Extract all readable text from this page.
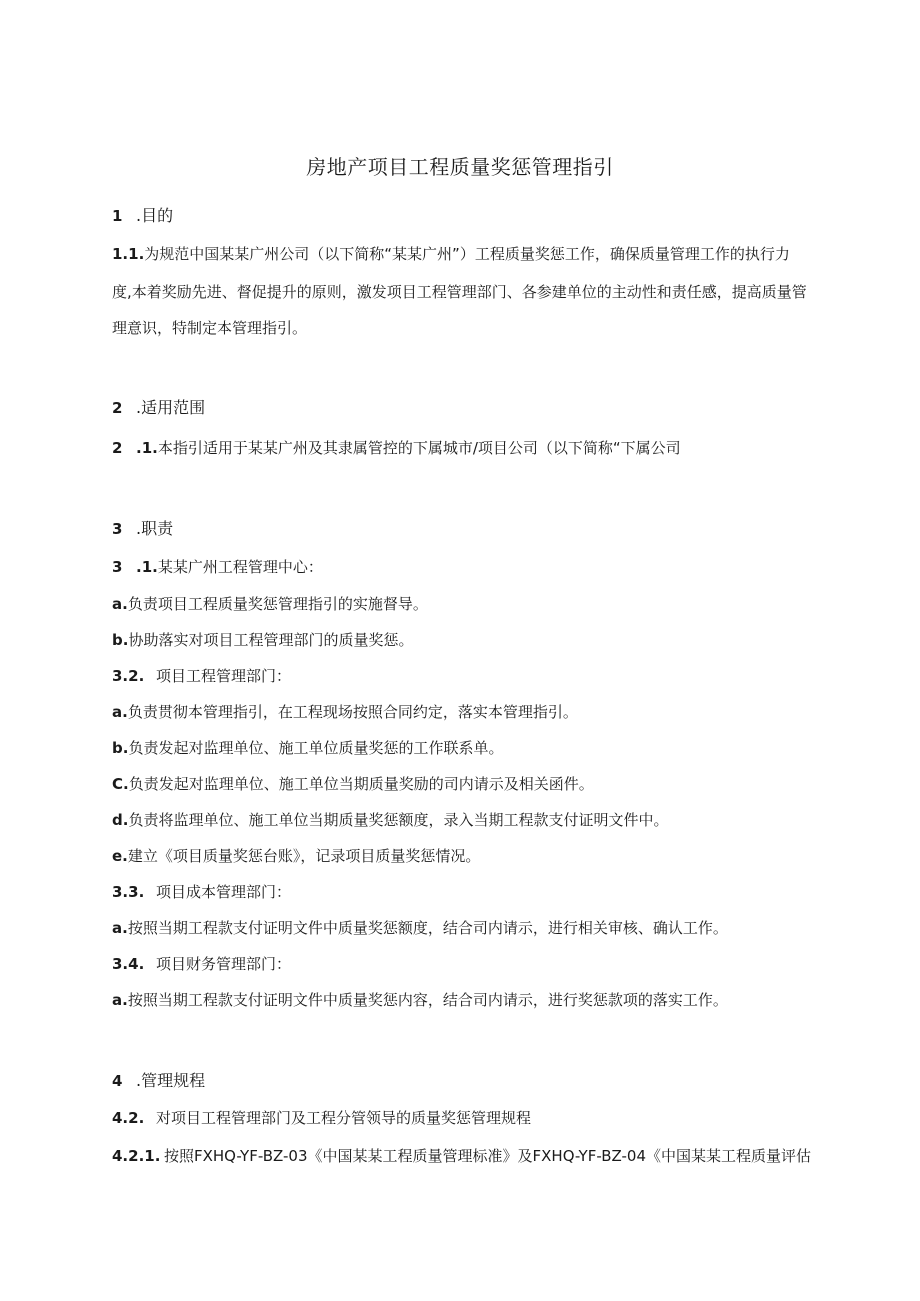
房地产项目工程质量奖惩管理指引
1 .目的
1.1.为规范中国某某广州公司（以下简称“某某广州”）工程质量奖惩工作，确保质量管理工作的执行力
度,本着奖励先进、督促提升的原则，激发项目工程管理部门、各参建单位的主动性和责任感，提高质量管
理意识，特制定本管理指引。
2 .适用范围
2 .1.本指引适用于某某广州及其隶属管控的下属城市/项目公司（以下简称“下属公司
3 .职责
3 .1.某某广州工程管理中心：
a.负责项目工程质量奖惩管理指引的实施督导。
b.协助落实对项目工程管理部门的质量奖惩。
3.2. 项目工程管理部门：
a.负责贯彻本管理指引，在工程现场按照合同约定，落实本管理指引。
b.负责发起对监理单位、施工单位质量奖惩的工作联系单。
C.负责发起对监理单位、施工单位当期质量奖励的司内请示及相关函件。
d.负责将监理单位、施工单位当期质量奖惩额度，录入当期工程款支付证明文件中。
e.建立《项目质量奖惩台账》，记录项目质量奖惩情况。
3.3. 项目成本管理部门：
a.按照当期工程款支付证明文件中质量奖惩额度，结合司内请示，进行相关审核、确认工作。
3.4. 项目财务管理部门：
a.按照当期工程款支付证明文件中质量奖惩内容，结合司内请示，进行奖惩款项的落实工作。
4 .管理规程
4.2. 对项目工程管理部门及工程分管领导的质量奖惩管理规程
4.2.1. 按照FXHQ-YF-BZ-03《中国某某工程质量管理标准》及FXHQ-YF-BZ-04《中国某某工程质量评估
